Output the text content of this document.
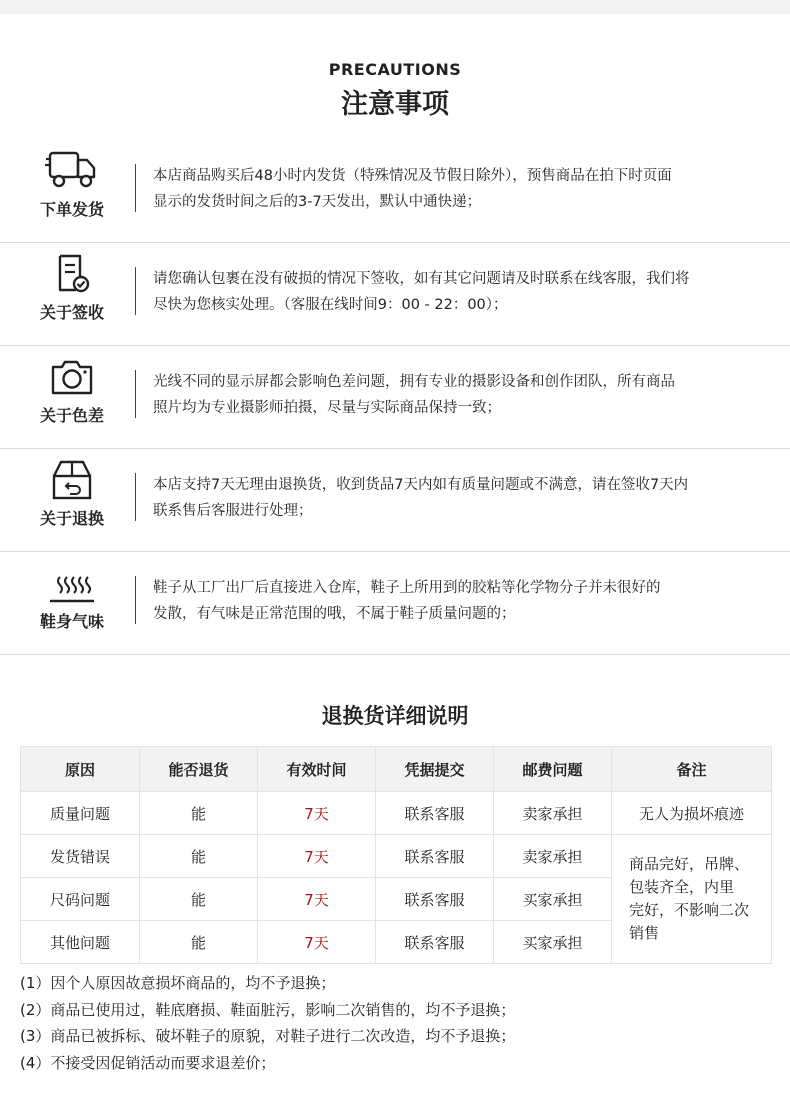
PRECAUTIONS
注意事项
下单发货
本店商品购买后48小时内发货（特殊情况及节假日除外），预售商品在拍下时页面
显示的发货时间之后的3-7天发出，默认中通快递；
关于签收
请您确认包裹在没有破损的情况下签收，如有其它问题请及时联系在线客服，我们将
尽快为您核实处理。（客服在线时间9：00 - 22：00）；
关于色差
光线不同的显示屏都会影响色差问题，拥有专业的摄影设备和创作团队，所有商品
照片均为专业摄影师拍摄，尽量与实际商品保持一致；
关于退换
本店支持7天无理由退换货，收到货品7天内如有质量问题或不满意，请在签收7天内
联系售后客服进行处理；
鞋身气味
鞋子从工厂出厂后直接进入仓库，鞋子上所用到的胶粘等化学物分子并未很好的
发散，有气味是正常范围的哦，不属于鞋子质量问题的；
退换货详细说明
原因	能否退货	有效时间	凭据提交	邮费问题	备注
质量问题	能	7天	联系客服	卖家承担	无人为损坏痕迹
发货错误	能	7天	联系客服	卖家承担	商品完好，吊牌、
包装齐全，内里
完好，不影响二次
销售

尺码问题	能	7天	联系客服	买家承担	
其他问题	能	7天	联系客服	买家承担	
(1）因个人原因故意损坏商品的，均不予退换；
(2）商品已使用过，鞋底磨损、鞋面脏污，影响二次销售的，均不予退换；
(3）商品已被拆标、破坏鞋子的原貌，对鞋子进行二次改造，均不予退换；
(4）不接受因促销活动而要求退差价；
